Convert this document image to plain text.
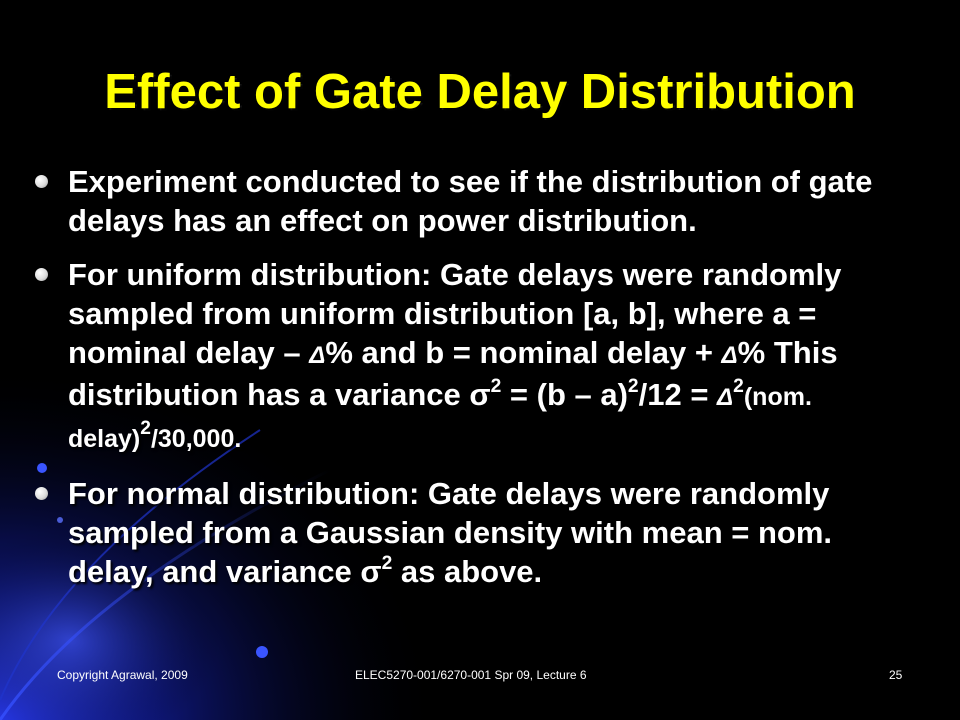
Effect of Gate Delay Distribution
Experiment conducted to see if the distribution of gate delays has an effect on power distribution.
For uniform distribution: Gate delays were randomly sampled from uniform distribution [a, b], where a = nominal delay – Δ% and b = nominal delay + Δ% This distribution has a variance $\sigma^2 = (b - a)^2/12 = \Delta^2(nom$. delay)$^2$/30,000.
For normal distribution: Gate delays were randomly sampled from a Gaussian density with mean = nom. delay, and variance $\sigma^2$ as above.
Copyright Agrawal, 2009	ELEC5270-001/6270-001 Spr 09, Lecture 6	25
